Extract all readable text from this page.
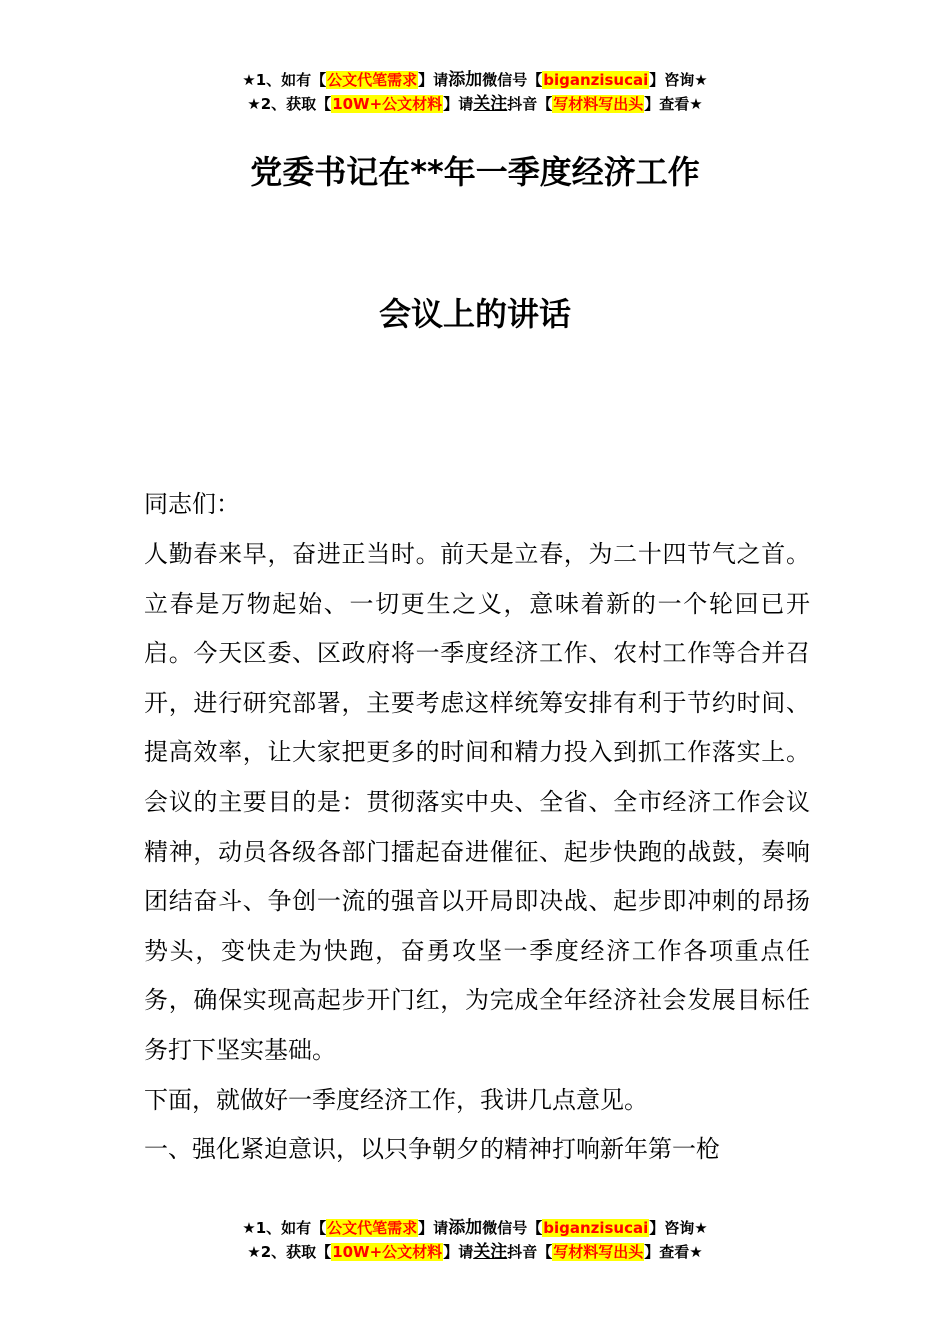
★1、如有【公文代笔需求】请添加微信号【biganzisucai】咨询★
★2、获取【10W+公文材料】请关注抖音【写材料写出头】查看★
党委书记在**年一季度经济工作
会议上的讲话
同志们：

人勤春来早，奋进正当时。前天是立春，为二十四节气之首。立春是万物起始、一切更生之义，意味着新的一个轮回已开启。今天区委、区政府将一季度经济工作、农村工作等合并召开，进行研究部署，主要考虑这样统筹安排有利于节约时间、提高效率，让大家把更多的时间和精力投入到抓工作落实上。会议的主要目的是：贯彻落实中央、全省、全市经济工作会议精神，动员各级各部门擂起奋进催征、起步快跑的战鼓，奏响团结奋斗、争创一流的强音以开局即决战、起步即冲刺的昂扬势头，变快走为快跑，奋勇攻坚一季度经济工作各项重点任务，确保实现高起步开门红，为完成全年经济社会发展目标任务打下坚实基础。

下面，就做好一季度经济工作，我讲几点意见。

一、强化紧迫意识，以只争朝夕的精神打响新年第一枪

★1、如有【公文代笔需求】请添加微信号【biganzisucai】咨询★
★2、获取【10W+公文材料】请关注抖音【写材料写出头】查看★
